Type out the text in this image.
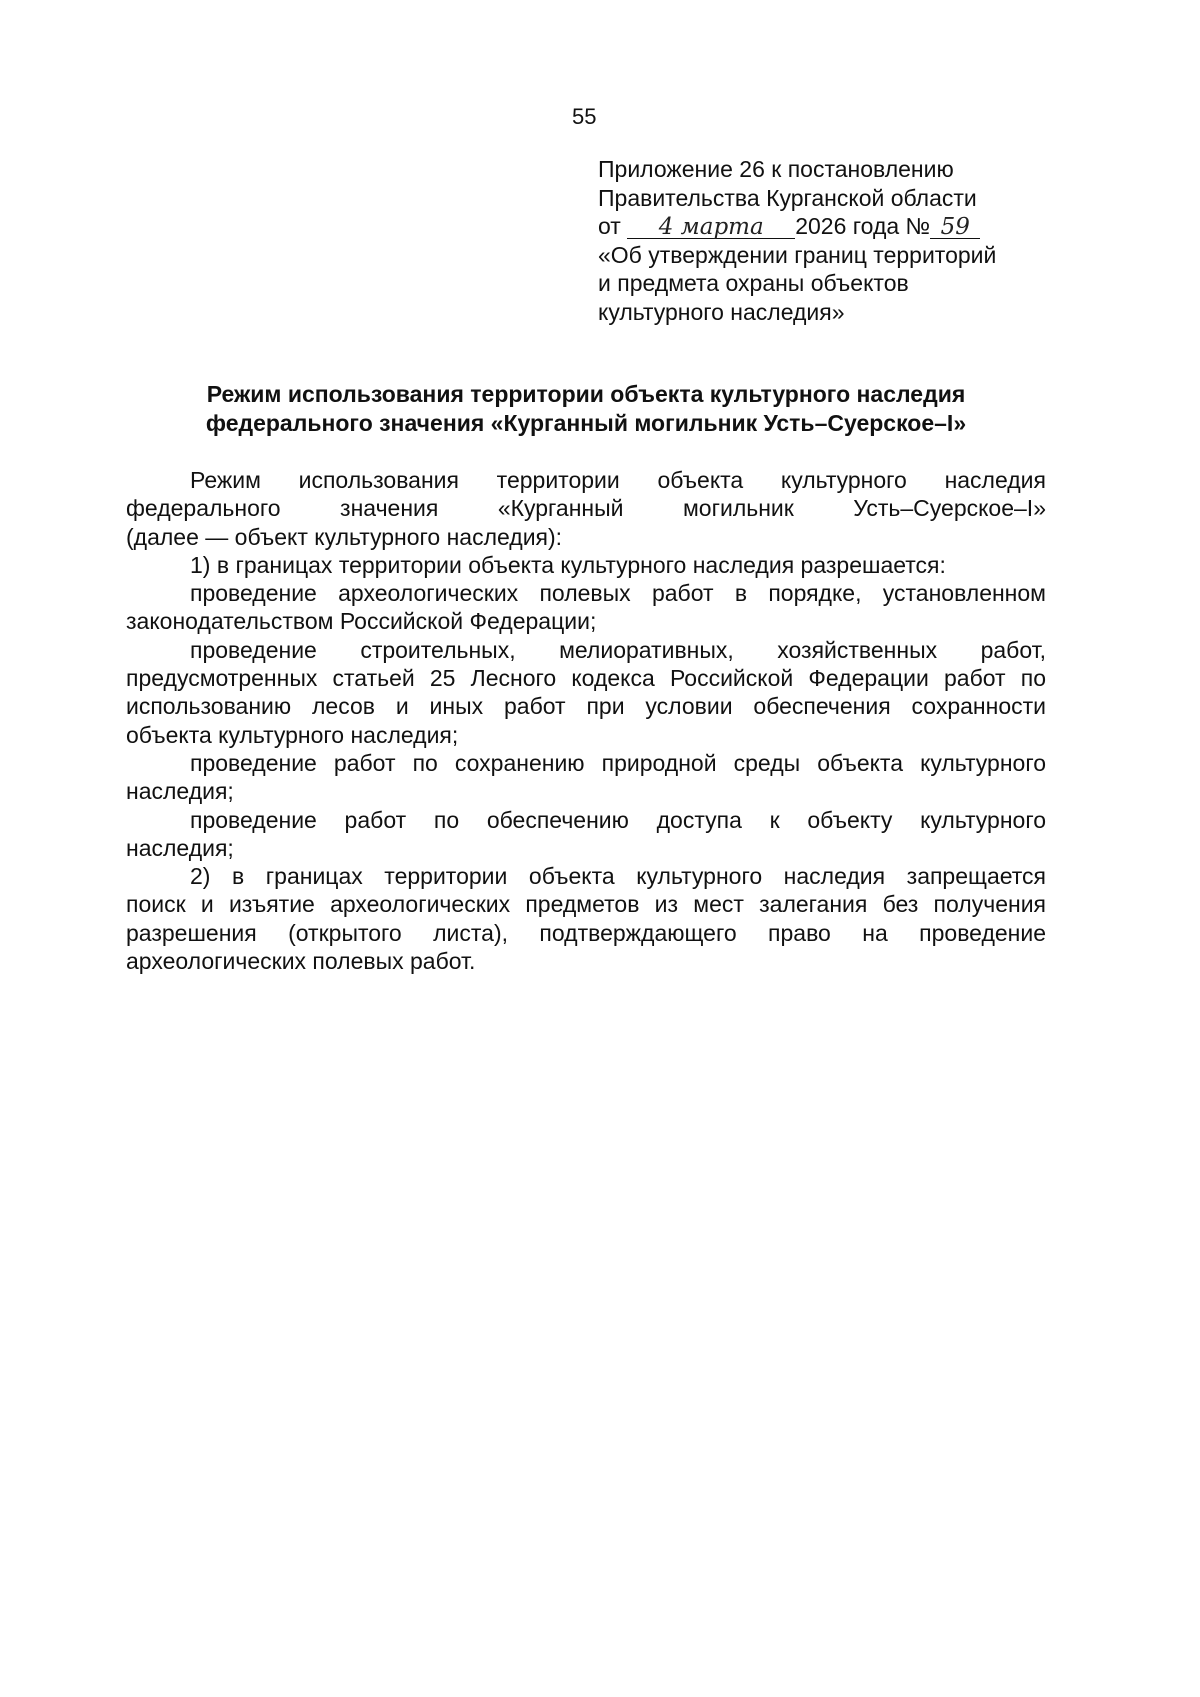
55
Приложение 26 к постановлению
Правительства Курганской области
от 4 марта 2026 года № 59
«Об утверждении границ территорий
и предмета охраны объектов
культурного наследия»
Режим использования территории объекта культурного наследия
федерального значения «Курганный могильник Усть–Суерское–I»
Режим использования территории объекта культурного наследия
федерального значения «Курганный могильник Усть–Суерское–I»
(далее — объект культурного наследия):
1) в границах территории объекта культурного наследия разрешается:
проведение археологических полевых работ в порядке, установленном
законодательством Российской Федерации;
проведение строительных, мелиоративных, хозяйственных работ,
предусмотренных статьей 25 Лесного кодекса Российской Федерации работ по
использованию лесов и иных работ при условии обеспечения сохранности
объекта культурного наследия;
проведение работ по сохранению природной среды объекта культурного
наследия;
проведение работ по обеспечению доступа к объекту культурного
наследия;
2) в границах территории объекта культурного наследия запрещается
поиск и изъятие археологических предметов из мест залегания без получения
разрешения (открытого листа), подтверждающего право на проведение
археологических полевых работ.
